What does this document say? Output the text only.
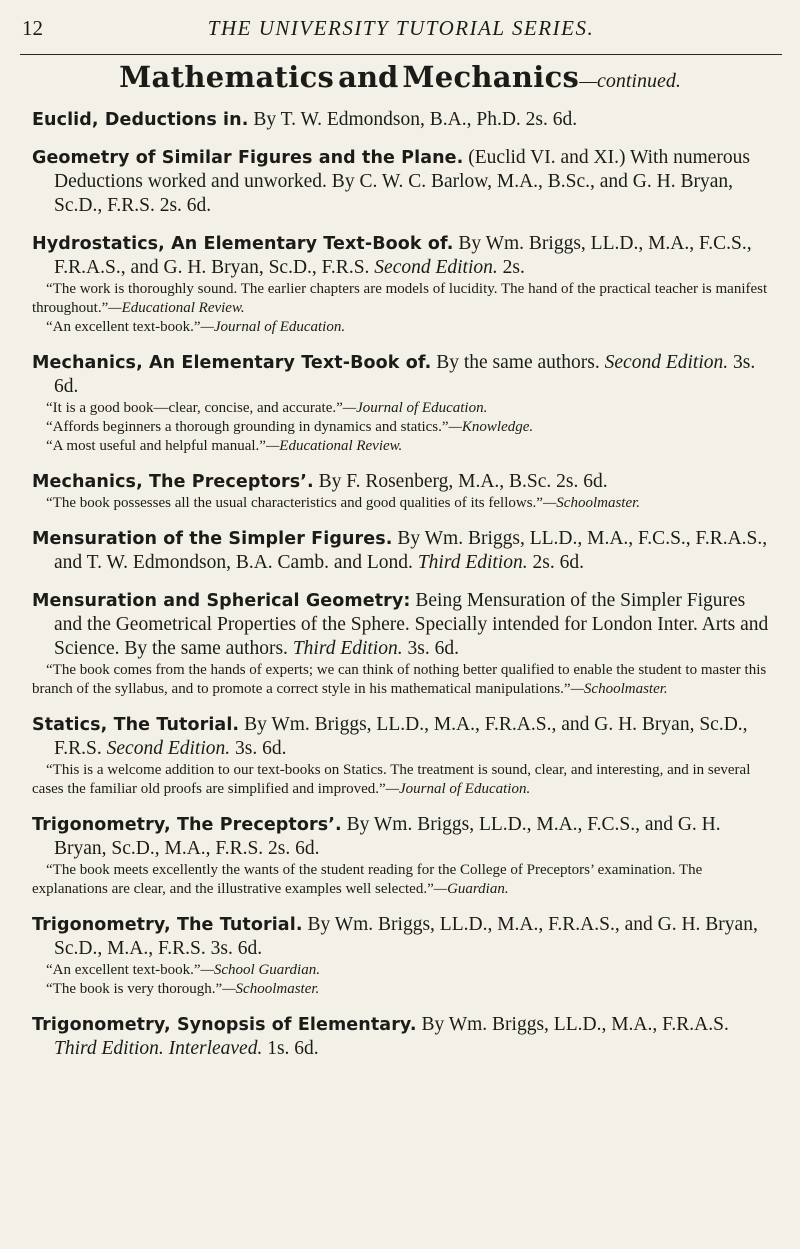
12	THE UNIVERSITY TUTORIAL SERIES.
Mathematics and Mechanics—continued.
Euclid, Deductions in. By T. W. Edmondson, B.A., Ph.D. 2s. 6d.
Geometry of Similar Figures and the Plane. (Euclid VI. and XI.) With numerous Deductions worked and unworked. By C. W. C. Barlow, M.A., B.Sc., and G. H. Bryan, Sc.D., F.R.S. 2s. 6d.
Hydrostatics, An Elementary Text-Book of. By Wm. Briggs, LL.D., M.A., F.C.S., F.R.A.S., and G. H. Bryan, Sc.D., F.R.S. Second Edition. 2s.
“The work is thoroughly sound. The earlier chapters are models of lucidity. The hand of the practical teacher is manifest throughout.”—Educational Review.
“An excellent text-book.”—Journal of Education.
Mechanics, An Elementary Text-Book of. By the same authors. Second Edition. 3s. 6d.
“It is a good book—clear, concise, and accurate.”—Journal of Education.
“Affords beginners a thorough grounding in dynamics and statics.”—Knowledge.
“A most useful and helpful manual.”—Educational Review.
Mechanics, The Preceptors’. By F. Rosenberg, M.A., B.Sc. 2s. 6d.
“The book possesses all the usual characteristics and good qualities of its fellows.”—Schoolmaster.
Mensuration of the Simpler Figures. By Wm. Briggs, LL.D., M.A., F.C.S., F.R.A.S., and T. W. Edmondson, B.A. Camb. and Lond. Third Edition. 2s. 6d.
Mensuration and Spherical Geometry: Being Mensuration of the Simpler Figures and the Geometrical Properties of the Sphere. Specially intended for London Inter. Arts and Science. By the same authors. Third Edition. 3s. 6d.
“The book comes from the hands of experts; we can think of nothing better qualified to enable the student to master this branch of the syllabus, and to promote a correct style in his mathematical manipulations.”—Schoolmaster.
Statics, The Tutorial. By Wm. Briggs, LL.D., M.A., F.R.A.S., and G. H. Bryan, Sc.D., F.R.S. Second Edition. 3s. 6d.
“This is a welcome addition to our text-books on Statics. The treatment is sound, clear, and interesting, and in several cases the familiar old proofs are simplified and improved.”—Journal of Education.
Trigonometry, The Preceptors’. By Wm. Briggs, LL.D., M.A., F.C.S., and G. H. Bryan, Sc.D., M.A., F.R.S. 2s. 6d.
“The book meets excellently the wants of the student reading for the College of Preceptors’ examination. The explanations are clear, and the illustrative examples well selected.”—Guardian.
Trigonometry, The Tutorial. By Wm. Briggs, LL.D., M.A., F.R.A.S., and G. H. Bryan, Sc.D., M.A., F.R.S. 3s. 6d.
“An excellent text-book.”—School Guardian.
“The book is very thorough.”—Schoolmaster.
Trigonometry, Synopsis of Elementary. By Wm. Briggs, LL.D., M.A., F.R.A.S. Third Edition. Interleaved. 1s. 6d.
